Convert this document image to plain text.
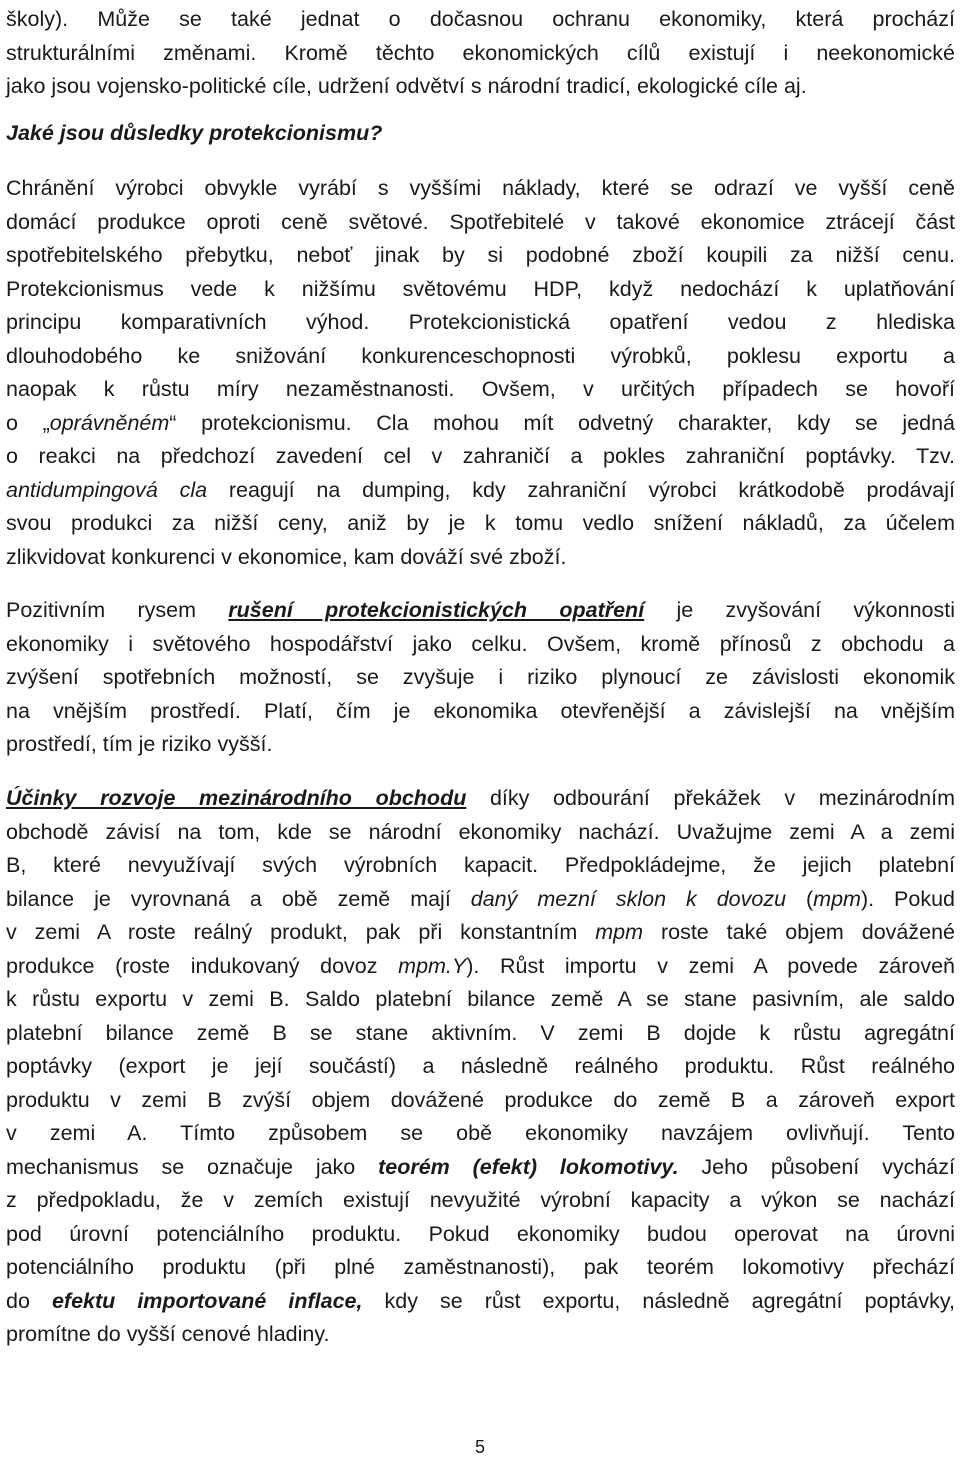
školy). Může se také jednat o dočasnou ochranu ekonomiky, která prochází
strukturálními změnami. Kromě těchto ekonomických cílů existují i neekonomické
jako jsou vojensko-politické cíle, udržení odvětví s národní tradicí, ekologické cíle aj.
Jaké jsou důsledky protekcionismu?
Chránění výrobci obvykle vyrábí s vyššími náklady, které se odrazí ve vyšší ceně
domácí produkce oproti ceně světové. Spotřebitelé v takové ekonomice ztrácejí část
spotřebitelského přebytku, neboť jinak by si podobné zboží koupili za nižší cenu.
Protekcionismus vede k nižšímu světovému HDP, když nedochází k uplatňování
principu komparativních výhod. Protekcionistická opatření vedou z hlediska
dlouhodobého ke snižování konkurenceschopnosti výrobků, poklesu exportu a
naopak k růstu míry nezaměstnanosti. Ovšem, v určitých případech se hovoří
o „oprávněném“ protekcionismu. Cla mohou mít odvetný charakter, kdy se jedná
o reakci na předchozí zavedení cel v zahraničí a pokles zahraniční poptávky. Tzv.
antidumpingová cla reagují na dumping, kdy zahraniční výrobci krátkodobě prodávají
svou produkci za nižší ceny, aniž by je k tomu vedlo snížení nákladů, za účelem
zlikvidovat konkurenci v ekonomice, kam dováží své zboží.
Pozitivním rysem rušení protekcionistických opatření je zvyšování výkonnosti
ekonomiky i světového hospodářství jako celku. Ovšem, kromě přínosů z obchodu a
zvýšení spotřebních možností, se zvyšuje i riziko plynoucí ze závislosti ekonomik
na vnějším prostředí. Platí, čím je ekonomika otevřenější a závislejší na vnějším
prostředí, tím je riziko vyšší.
Účinky rozvoje mezinárodního obchodu díky odbourání překážek v mezinárodním
obchodě závisí na tom, kde se národní ekonomiky nachází. Uvažujme zemi A a zemi
B, které nevyužívají svých výrobních kapacit. Předpokládejme, že jejich platební
bilance je vyrovnaná a obě země mají daný mezní sklon k dovozu (mpm). Pokud
v zemi A roste reálný produkt, pak při konstantním mpm roste také objem dovážené
produkce (roste indukovaný dovoz mpm.Y). Růst importu v zemi A povede zároveň
k růstu exportu v zemi B. Saldo platební bilance země A se stane pasivním, ale saldo
platební bilance země B se stane aktivním. V zemi B dojde k růstu agregátní
poptávky (export je její součástí) a následně reálného produktu. Růst reálného
produktu v zemi B zvýší objem dovážené produkce do země B a zároveň export
v zemi A. Tímto způsobem se obě ekonomiky navzájem ovlivňují. Tento
mechanismus se označuje jako teorém (efekt) lokomotivy. Jeho působení vychází
z předpokladu, že v zemích existují nevyužité výrobní kapacity a výkon se nachází
pod úrovní potenciálního produktu. Pokud ekonomiky budou operovat na úrovni
potenciálního produktu (při plné zaměstnanosti), pak teorém lokomotivy přechází
do efektu importované inflace, kdy se růst exportu, následně agregátní poptávky,
promítne do vyšší cenové hladiny.
5
